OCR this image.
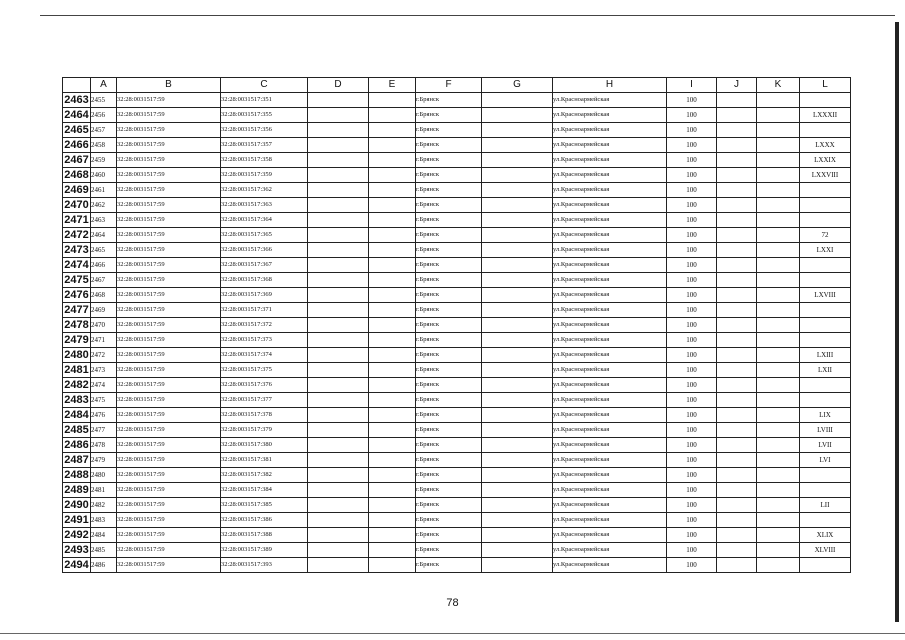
	A	B	C	D	E	F	G	H	I	J	K	L
2463	2455	32:28:0031517:59	32:28:0031517:351			г.Брянск		ул.Красноармейская	100			
2464	2456	32:28:0031517:59	32:28:0031517:355			г.Брянск		ул.Красноармейская	100			LXXXII
2465	2457	32:28:0031517:59	32:28:0031517:356			г.Брянск		ул.Красноармейская	100			
2466	2458	32:28:0031517:59	32:28:0031517:357			г.Брянск		ул.Красноармейская	100			LXXX
2467	2459	32:28:0031517:59	32:28:0031517:358			г.Брянск		ул.Красноармейская	100			LXXIX
2468	2460	32:28:0031517:59	32:28:0031517:359			г.Брянск		ул.Красноармейская	100			LXXVIII
2469	2461	32:28:0031517:59	32:28:0031517:362			г.Брянск		ул.Красноармейская	100			
2470	2462	32:28:0031517:59	32:28:0031517:363			г.Брянск		ул.Красноармейская	100			
2471	2463	32:28:0031517:59	32:28:0031517:364			г.Брянск		ул.Красноармейская	100			
2472	2464	32:28:0031517:59	32:28:0031517:365			г.Брянск		ул.Красноармейская	100			72
2473	2465	32:28:0031517:59	32:28:0031517:366			г.Брянск		ул.Красноармейская	100			LXXI
2474	2466	32:28:0031517:59	32:28:0031517:367			г.Брянск		ул.Красноармейская	100			
2475	2467	32:28:0031517:59	32:28:0031517:368			г.Брянск		ул.Красноармейская	100			
2476	2468	32:28:0031517:59	32:28:0031517:369			г.Брянск		ул.Красноармейская	100			LXVIII
2477	2469	32:28:0031517:59	32:28:0031517:371			г.Брянск		ул.Красноармейская	100			
2478	2470	32:28:0031517:59	32:28:0031517:372			г.Брянск		ул.Красноармейская	100			
2479	2471	32:28:0031517:59	32:28:0031517:373			г.Брянск		ул.Красноармейская	100			
2480	2472	32:28:0031517:59	32:28:0031517:374			г.Брянск		ул.Красноармейская	100			LXIII
2481	2473	32:28:0031517:59	32:28:0031517:375			г.Брянск		ул.Красноармейская	100			LXII
2482	2474	32:28:0031517:59	32:28:0031517:376			г.Брянск		ул.Красноармейская	100			
2483	2475	32:28:0031517:59	32:28:0031517:377			г.Брянск		ул.Красноармейская	100			
2484	2476	32:28:0031517:59	32:28:0031517:378			г.Брянск		ул.Красноармейская	100			LIX
2485	2477	32:28:0031517:59	32:28:0031517:379			г.Брянск		ул.Красноармейская	100			LVIII
2486	2478	32:28:0031517:59	32:28:0031517:380			г.Брянск		ул.Красноармейская	100			LVII
2487	2479	32:28:0031517:59	32:28:0031517:381			г.Брянск		ул.Красноармейская	100			LVI
2488	2480	32:28:0031517:59	32:28:0031517:382			г.Брянск		ул.Красноармейская	100			
2489	2481	32:28:0031517:59	32:28:0031517:384			г.Брянск		ул.Красноармейская	100			
2490	2482	32:28:0031517:59	32:28:0031517:385			г.Брянск		ул.Красноармейская	100			LII
2491	2483	32:28:0031517:59	32:28:0031517:386			г.Брянск		ул.Красноармейская	100			
2492	2484	32:28:0031517:59	32:28:0031517:388			г.Брянск		ул.Красноармейская	100			XLIX
2493	2485	32:28:0031517:59	32:28:0031517:389			г.Брянск		ул.Красноармейская	100			XLVIII
2494	2486	32:28:0031517:59	32:28:0031517:393			г.Брянск		ул.Красноармейская	100			
78
